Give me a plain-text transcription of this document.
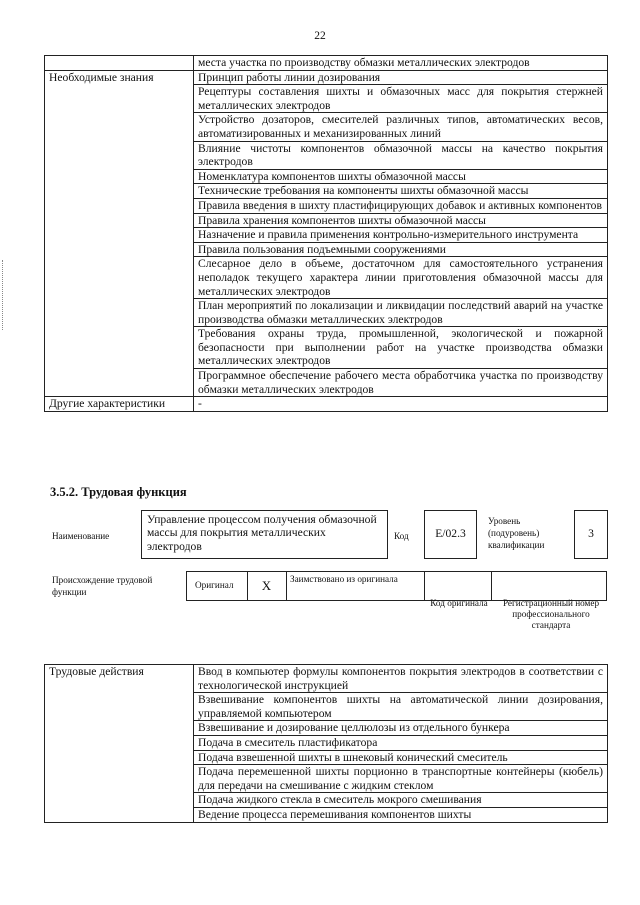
22
	места участка по производству обмазки металлических электродов
Необходимые знания	Принцип работы линии дозирования
	Рецептуры составления шихты и обмазочных масс для покрытия стержней металлических электродов
	Устройство дозаторов, смесителей различных типов, автоматических весов, автоматизированных и механизированных линий
	Влияние чистоты компонентов обмазочной массы на качество покрытия электродов
	Номенклатура компонентов шихты обмазочной массы
	Технические требования на компоненты шихты обмазочной массы
	Правила введения в шихту пластифицирующих добавок и активных компонентов
	Правила хранения компонентов шихты обмазочной массы
	Назначение и правила применения контрольно-измерительного инструмента
	Правила пользования подъемными сооружениями
	Слесарное дело в объеме, достаточном для самостоятельного устранения неполадок текущего характера линии приготовления обмазочной массы для металлических электродов
	План мероприятий по локализации и ликвидации последствий аварий на участке производства обмазки металлических электродов
	Требования охраны труда, промышленной, экологической и пожарной безопасности при выполнении работ на участке производства обмазки металлических электродов
	Программное обеспечение рабочего места обработчика участка по производству обмазки металлических электродов
Другие характеристики	-
3.5.2. Трудовая функция
Наименование
Управление процессом получения обмазочной массы для покрытия металлических электродов
Код	E/02.3
Уровень (подуровень) квалификации
3
Происхождение трудовой функции
Оригинал	X	Заимствовано из оригинала
Код оригинала	Регистрационный номер профессионального стандарта
Трудовые действия	Ввод в компьютер формулы компонентов покрытия электродов в соответствии с технологической инструкцией
Взвешивание компонентов шихты на автоматической линии дозирования, управляемой компьютером
Взвешивание и дозирование целлюлозы из отдельного бункера
Подача в смеситель пластификатора
Подача взвешенной шихты в шнековый конический смеситель
Подача перемешенной шихты порционно в транспортные контейнеры (кюбель) для передачи на смешивание с жидким стеклом
Подача жидкого стекла в смеситель мокрого смешивания
Ведение процесса перемешивания компонентов шихты
